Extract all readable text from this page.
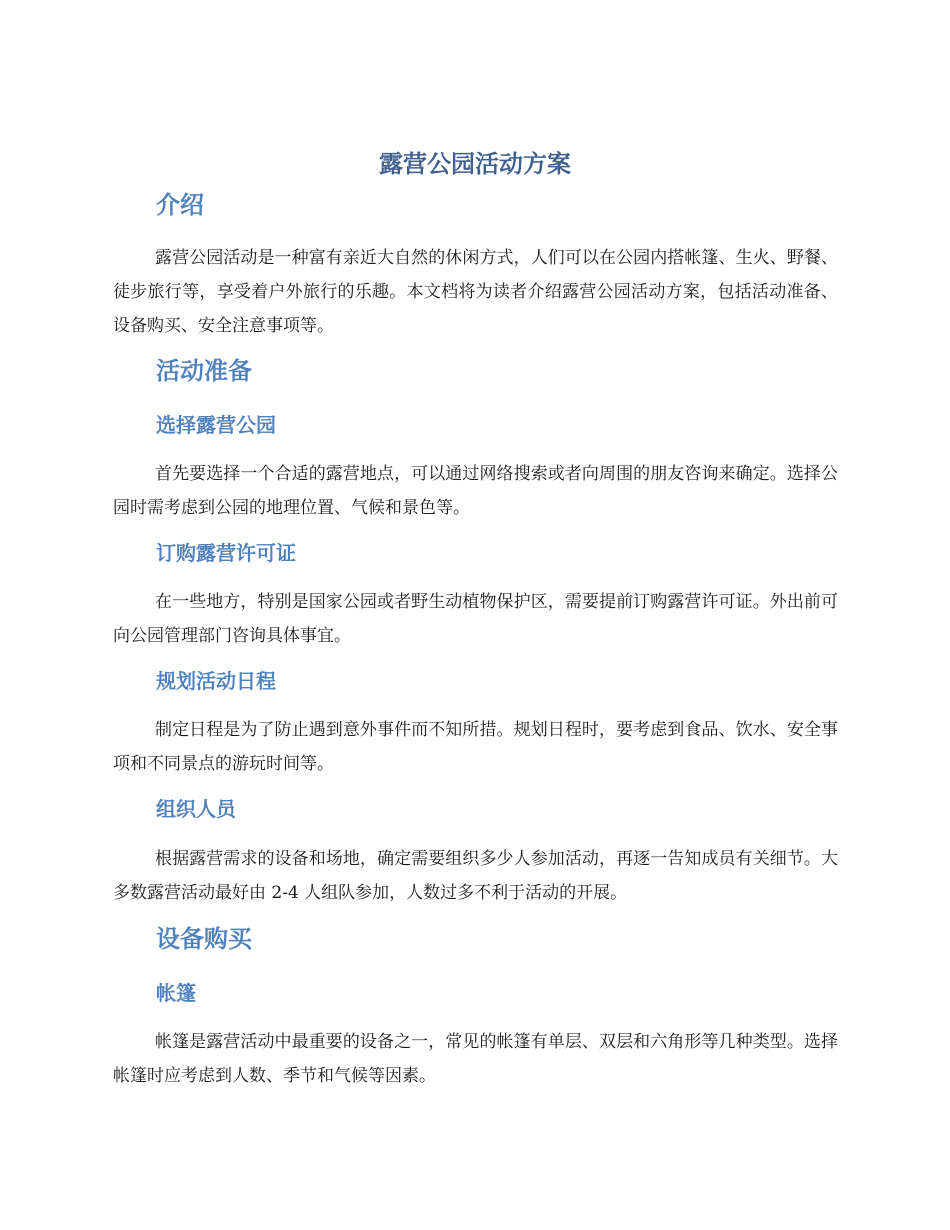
露营公园活动方案
介绍

露营公园活动是一种富有亲近大自然的休闲方式，人们可以在公园内搭帐篷、生火、野餐、徒步旅行等，享受着户外旅行的乐趣。本文档将为读者介绍露营公园活动方案，包括活动准备、设备购买、安全注意事项等。

活动准备
选择露营公园

首先要选择一个合适的露营地点，可以通过网络搜索或者向周围的朋友咨询来确定。选择公园时需考虑到公园的地理位置、气候和景色等。

订购露营许可证

在一些地方，特别是国家公园或者野生动植物保护区，需要提前订购露营许可证。外出前可向公园管理部门咨询具体事宜。

规划活动日程

制定日程是为了防止遇到意外事件而不知所措。规划日程时，要考虑到食品、饮水、安全事项和不同景点的游玩时间等。

组织人员

根据露营需求的设备和场地，确定需要组织多少人参加活动，再逐一告知成员有关细节。大多数露营活动最好由 2-4 人组队参加，人数过多不利于活动的开展。

设备购买
帐篷

帐篷是露营活动中最重要的设备之一，常见的帐篷有单层、双层和六角形等几种类型。选择帐篷时应考虑到人数、季节和气候等因素。
